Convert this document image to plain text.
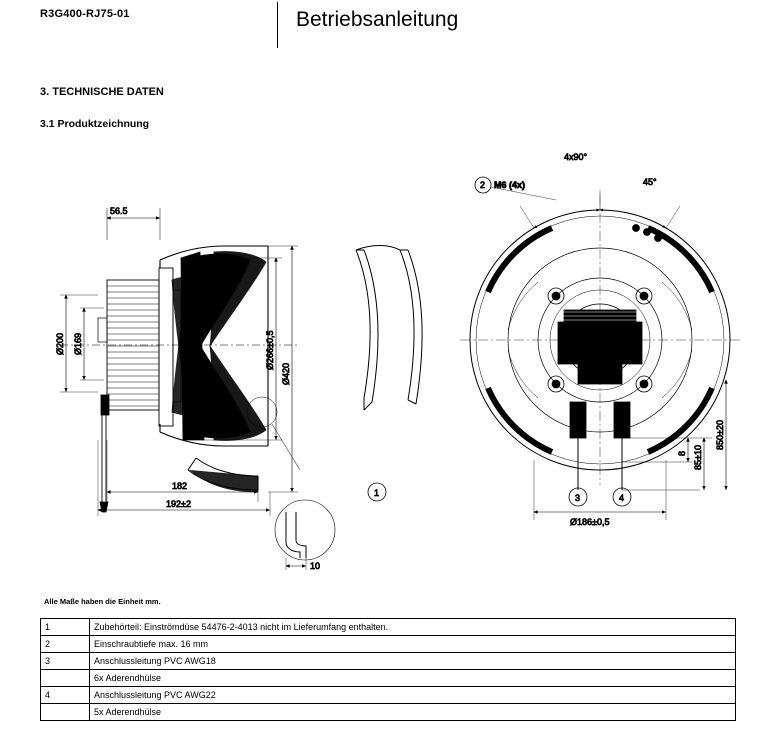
R3G400-RJ75-01	Betriebsanleitung
3. TECHNISCHE DATEN
3.1 Produktzeichnung
56.5
Ø200 Ø169	Ø266±0,5
Ø420
182
192±2
10
1
ebmpapst
4x90°
45°
2 M6 (4x)
3	4
Ø186±0,5
85±10
8
850±20
Alle Maße haben die Einheit mm.
1	Zubehörteil: Einströmdüse 54476-2-4013 nicht im Lieferumfang enthalten.
2	Einschraubtiefe max. 16 mm
3	Anschlussleitung PVC AWG18
	6x Aderendhülse
4	Anschlussleitung PVC AWG22
	5x Aderendhülse
